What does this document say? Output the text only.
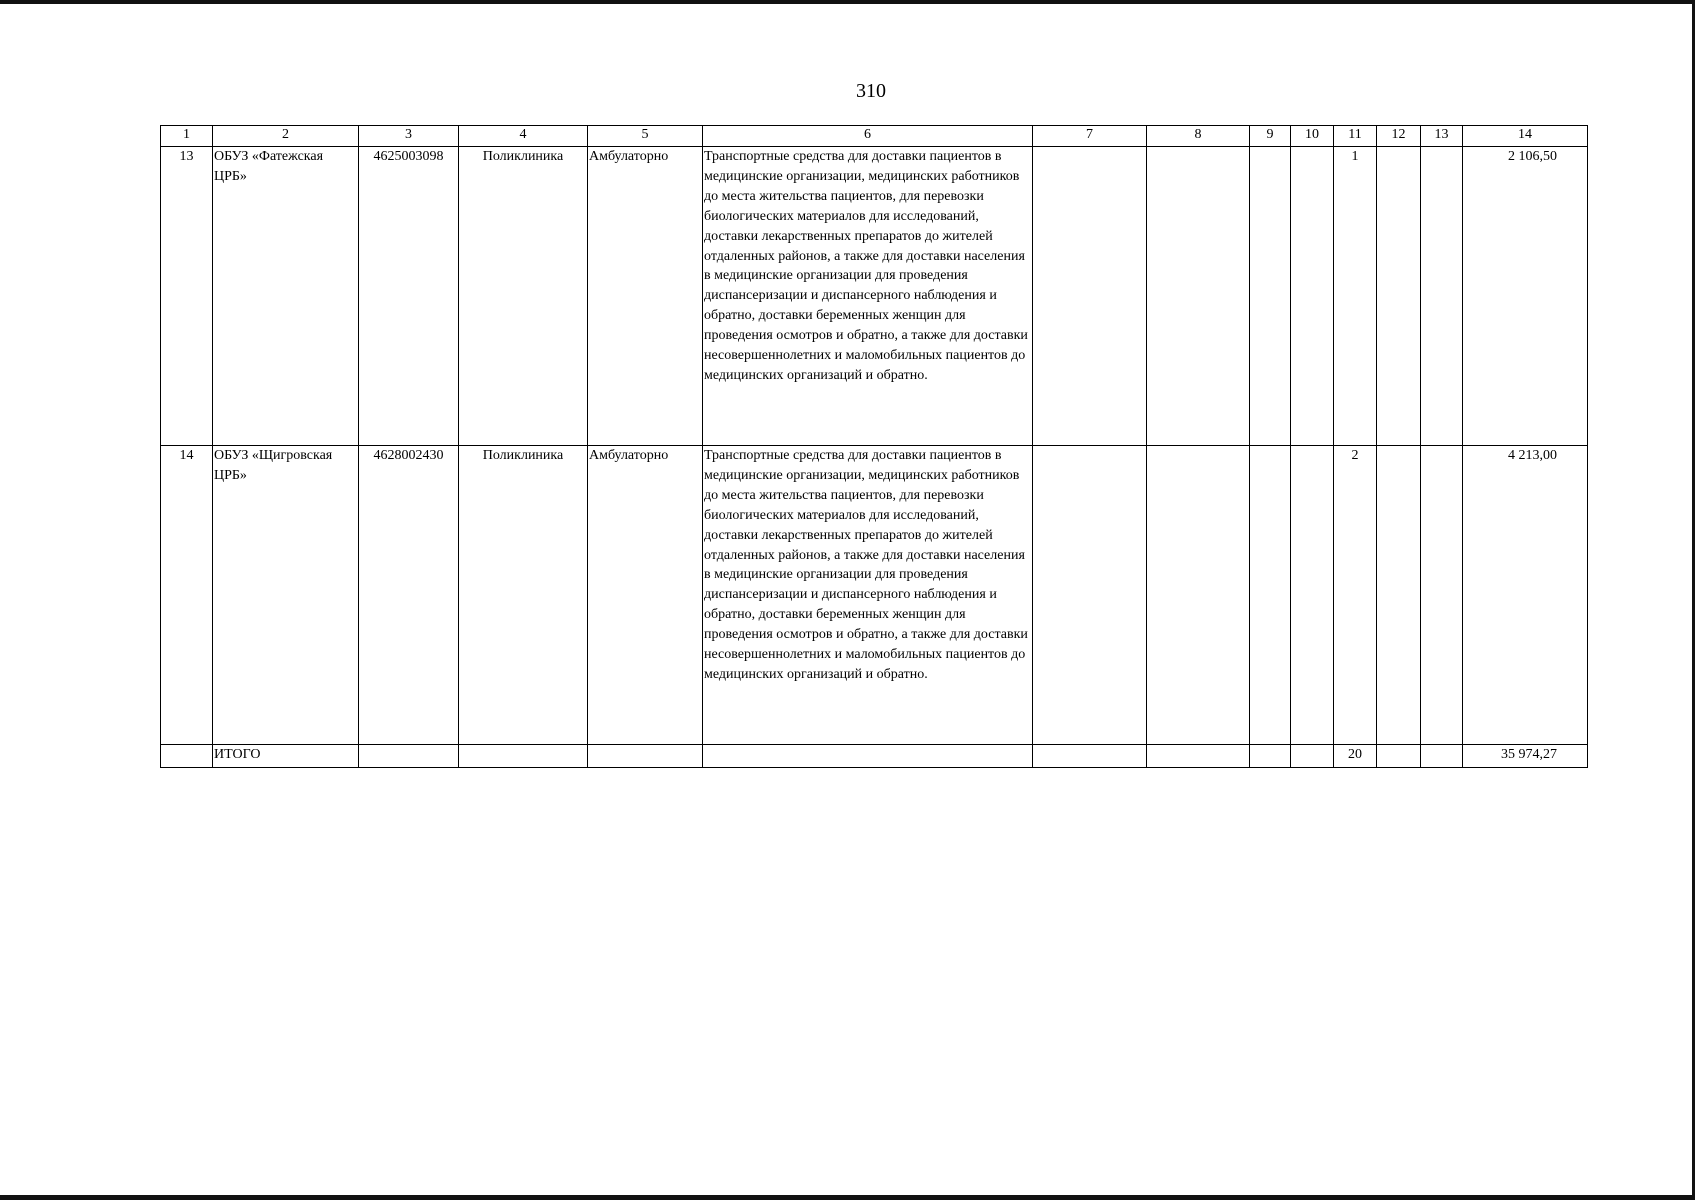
310
1	2	3	4	5	6	7	8	9	10	11	12	13	14
13	ОБУЗ «Фатежская ЦРБ»	4625003098	Поликлиника	Амбулаторно	Транспортные средства для доставки пациентов в медицинские организации, медицинских работников до места жительства пациентов, для перевозки биологических материалов для исследований, доставки лекарственных препаратов до жителей отдаленных районов, а также для доставки населения в медицинские организации для проведения диспансеризации и диспансерного наблюдения и обратно, доставки беременных женщин для проведения осмотров и обратно, а также для доставки несовершеннолетних и маломобильных пациентов до медицинских организаций и обратно.					1			2 106,50
14	ОБУЗ «Щигровская ЦРБ»	4628002430	Поликлиника	Амбулаторно	Транспортные средства для доставки пациентов в медицинские организации, медицинских работников до места жительства пациентов, для перевозки биологических материалов для исследований, доставки лекарственных препаратов до жителей отдаленных районов, а также для доставки населения в медицинские организации для проведения диспансеризации и диспансерного наблюдения и обратно, доставки беременных женщин для проведения осмотров и обратно, а также для доставки несовершеннолетних и маломобильных пациентов до медицинских организаций и обратно.					2			4 213,00
	ИТОГО									20			35 974,27
